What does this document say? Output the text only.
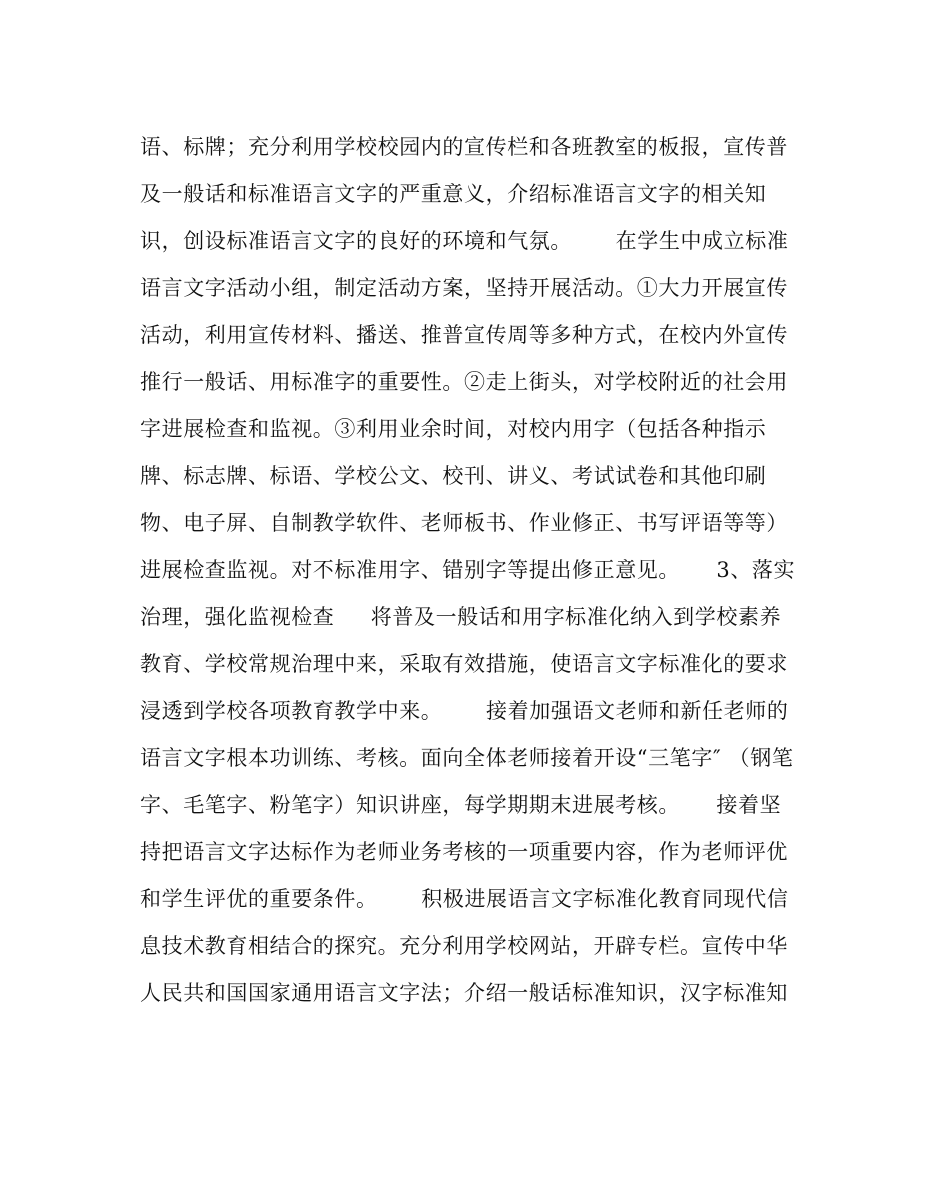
语、标牌；充分利用学校校园内的宣传栏和各班教室的板报，宣传普
及一般话和标准语言文字的严重意义，介绍标准语言文字的相关知
识，创设标准语言文字的良好的环境和气氛。      在学生中成立标准
语言文字活动小组，制定活动方案，坚持开展活动。①大力开展宣传
活动，利用宣传材料、播送、推普宣传周等多种方式，在校内外宣传
推行一般话、用标准字的重要性。②走上街头，对学校附近的社会用
字进展检查和监视。③利用业余时间，对校内用字（包括各种指示
牌、标志牌、标语、学校公文、校刊、讲义、考试试卷和其他印刷
物、电子屏、自制教学软件、老师板书、作业修正、书写评语等等）
进展检查监视。对不标准用字、错别字等提出修正意见。     3、落实
治理，强化监视检查     将普及一般话和用字标准化纳入到学校素养
教育、学校常规治理中来，采取有效措施，使语言文字标准化的要求
浸透到学校各项教育教学中来。      接着加强语文老师和新任老师的
语言文字根本功训练、考核。面向全体老师接着开设“三笔字″ （钢笔
字、毛笔字、粉笔字）知识讲座，每学期期末进展考核。     接着坚
持把语言文字达标作为老师业务考核的一项重要内容，作为老师评优
和学生评优的重要条件。      积极进展语言文字标准化教育同现代信
息技术教育相结合的探究。充分利用学校网站，开辟专栏。宣传中华
人民共和国国家通用语言文字法；介绍一般话标准知识，汉字标准知
